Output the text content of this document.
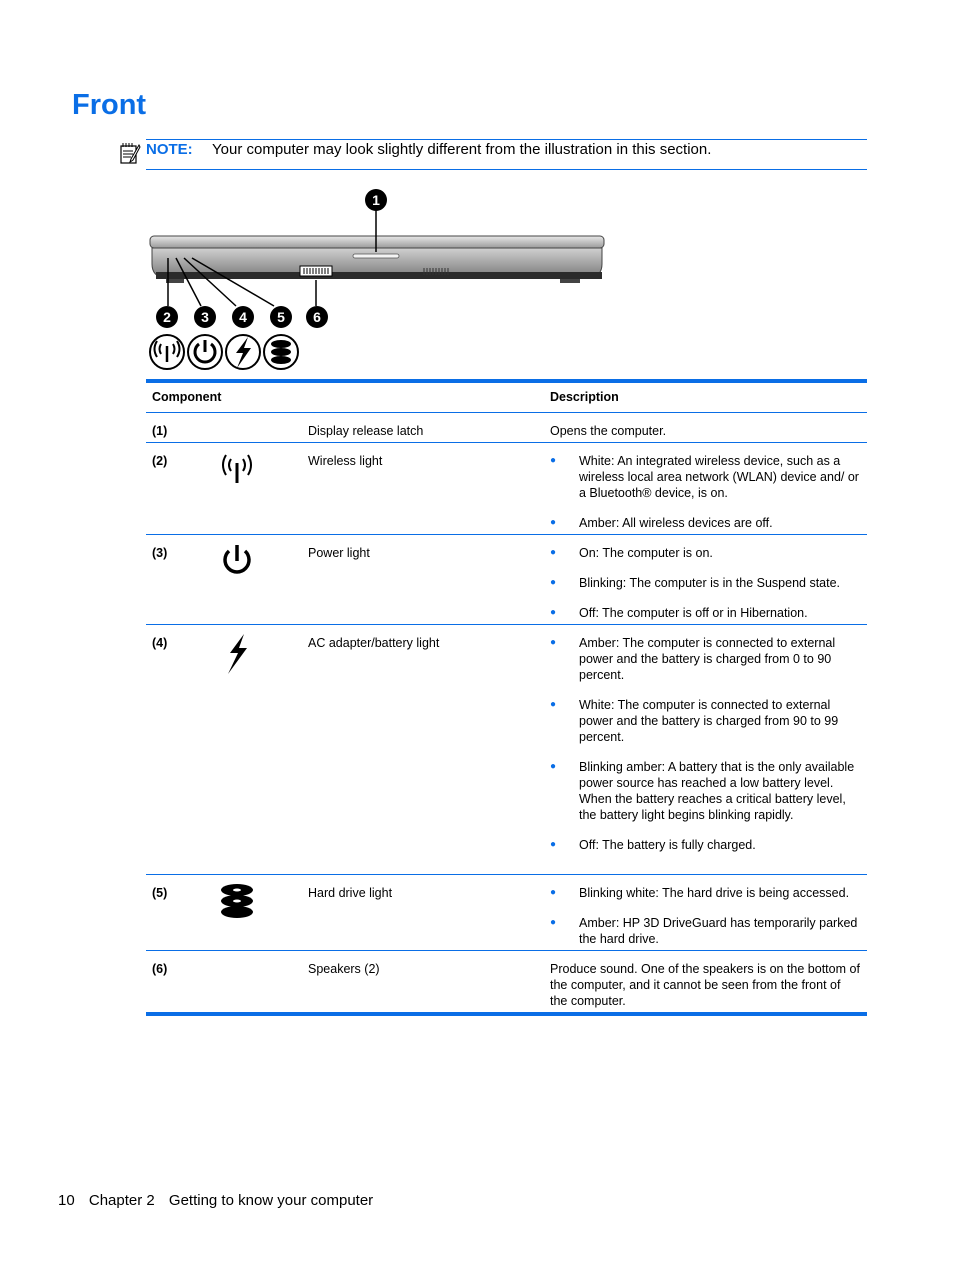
Front
NOTE: Your computer may look slightly different from the illustration in this section.
1
2 3 4 5 6
Component	Description
(1)	Display release latch	Opens the computer.
(2)	Wireless light	● White: An integrated wireless device, such as a wireless local area network (WLAN) device and/ or a Bluetooth® device, is on.
● Amber: All wireless devices are off.
(3)	Power light	● On: The computer is on.
● Blinking: The computer is in the Suspend state.
● Off: The computer is off or in Hibernation.
(4)	AC adapter/battery light	● Amber: The computer is connected to external power and the battery is charged from 0 to 90 percent.
● White: The computer is connected to external power and the battery is charged from 90 to 99 percent.
● Blinking amber: A battery that is the only available power source has reached a low battery level. When the battery reaches a critical battery level, the battery light begins blinking rapidly.
● Off: The battery is fully charged.
(5)	Hard drive light	● Blinking white: The hard drive is being accessed.
● Amber: HP 3D DriveGuard has temporarily parked the hard drive.
(6)	Speakers (2)	Produce sound. One of the speakers is on the bottom of the computer, and it cannot be seen from the front of the computer.
10 Chapter 2 Getting to know your computer
